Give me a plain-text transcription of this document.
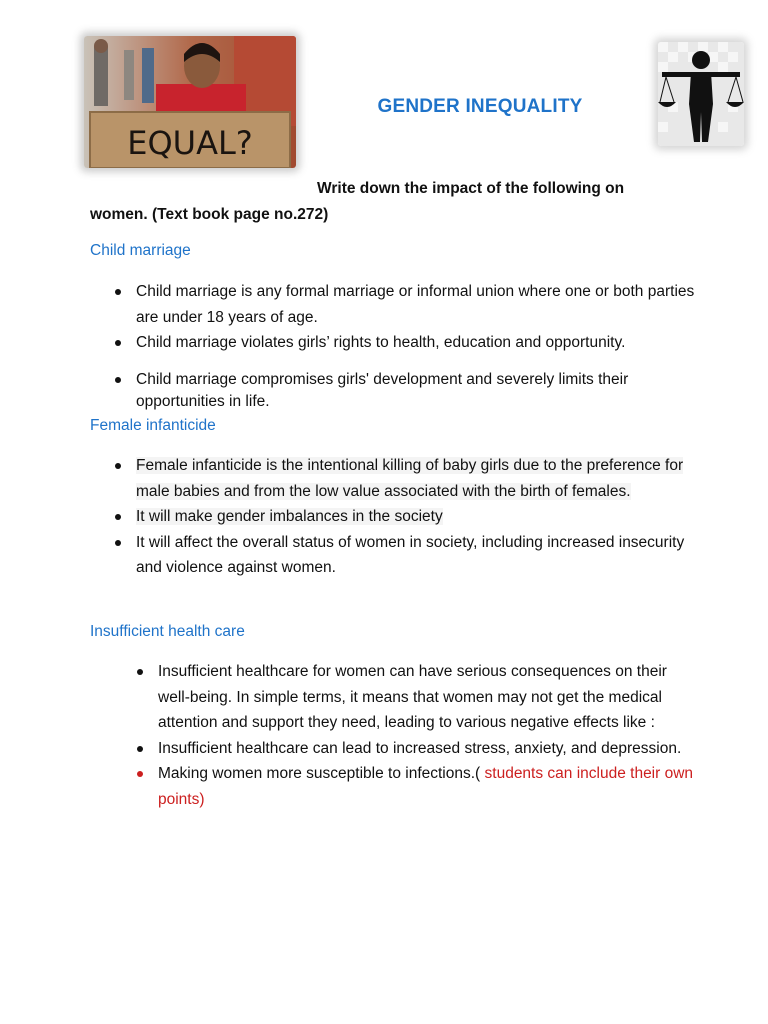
EQUAL?
GENDER INEQUALITY
Write down the impact of the following on
women. (Text book page no.272)
Child marriage
Child marriage is any formal marriage or informal union where one or both parties are under 18 years of age.
Child marriage violates girls’ rights to health, education and opportunity.
Child marriage compromises girls' development and severely limits their opportunities in life.
Female infanticide
Female infanticide is the intentional killing of baby girls due to the preference for male babies and from the low value associated with the birth of females.
It will make gender imbalances in the society
It will affect the overall status of women in society, including increased insecurity and violence against women.
Insufficient health care
Insufficient healthcare for women can have serious consequences on their well-being. In simple terms, it means that women may not get the medical attention and support they need, leading to various negative effects like :
Insufficient healthcare can lead to increased stress, anxiety, and depression.
Making women more susceptible to infections.( students can include their own points)
